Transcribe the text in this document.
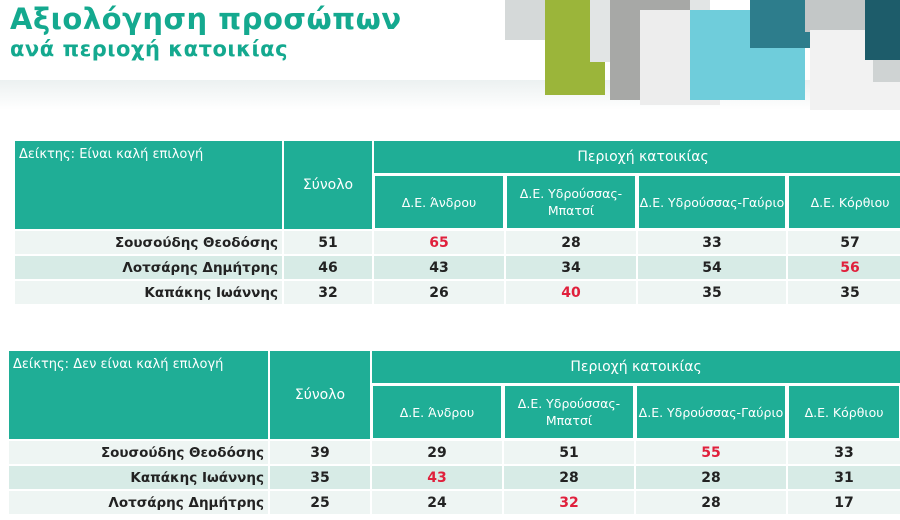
Αξιολόγηση προσώπων
ανά περιοχή κατοικίας
Δείκτης: Είναι καλή επιλογή	Σύνολο	Περιοχή κατοικίας			
		Δ.Ε. Άνδρου	Δ.Ε. Υδρούσσας-Μπατσί	Δ.Ε. Υδρούσσας-Γαύριο	Δ.Ε. Κόρθιου
Σουσούδης Θεοδόσης	51	65	28	33	57
Λοτσάρης Δημήτρης	46	43	34	54	56
Καπάκης Ιωάννης	32	26	40	35	35
Δείκτης: Δεν είναι καλή επιλογή	Σύνολο	Περιοχή κατοικίας			
		Δ.Ε. Άνδρου	Δ.Ε. Υδρούσσας-Μπατσί	Δ.Ε. Υδρούσσας-Γαύριο	Δ.Ε. Κόρθιου
Σουσούδης Θεοδόσης	39	29	51	55	33
Καπάκης Ιωάννης	35	43	28	28	31
Λοτσάρης Δημήτρης	25	24	32	28	17
